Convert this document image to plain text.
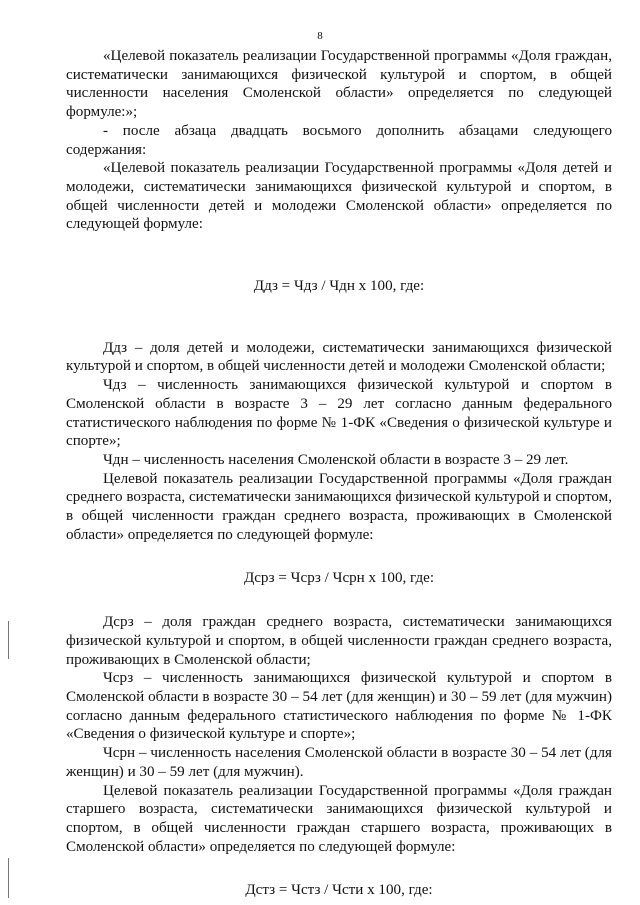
8

«Целевой показатель реализации Государственной программы «Доля граждан, систематически занимающихся физической культурой и спортом, в общей численности населения Смоленской области» определяется по следующей формуле:»;

- после абзаца двадцать восьмого дополнить абзацами следующего содержания:

«Целевой показатель реализации Государственной программы «Доля детей и молодежи, систематически занимающихся физической культурой и спортом, в общей численности детей и молодежи Смоленской области» определяется по следующей формуле:

Ддз = Чдз / Чдн x 100, где:

Ддз – доля детей и молодежи, систематически занимающихся физической культурой и спортом, в общей численности детей и молодежи Смоленской области;

Чдз – численность занимающихся физической культурой и спортом в Смоленской области в возрасте 3 – 29 лет согласно данным федерального статистического наблюдения по форме № 1-ФК «Сведения о физической культуре и спорте»;

Чдн – численность населения Смоленской области в возрасте 3 – 29 лет.

Целевой показатель реализации Государственной программы «Доля граждан среднего возраста, систематически занимающихся физической культурой и спортом, в общей численности граждан среднего возраста, проживающих в Смоленской области» определяется по следующей формуле:

Дсрз = Чсрз / Чсрн x 100, где:

Дсрз – доля граждан среднего возраста, систематически занимающихся физической культурой и спортом, в общей численности граждан среднего возраста, проживающих в Смоленской области;

Чсрз – численность занимающихся физической культурой и спортом в Смоленской области в возрасте 30 – 54 лет (для женщин) и 30 – 59 лет (для мужчин) согласно данным федерального статистического наблюдения по форме № 1-ФК «Сведения о физической культуре и спорте»;

Чсрн – численность населения Смоленской области в возрасте 30 – 54 лет (для женщин) и 30 – 59 лет (для мужчин).

Целевой показатель реализации Государственной программы «Доля граждан старшего возраста, систематически занимающихся физической культурой и спортом, в общей численности граждан старшего возраста, проживающих в Смоленской области» определяется по следующей формуле:

Дстз = Чстз / Чсти x 100, где:
